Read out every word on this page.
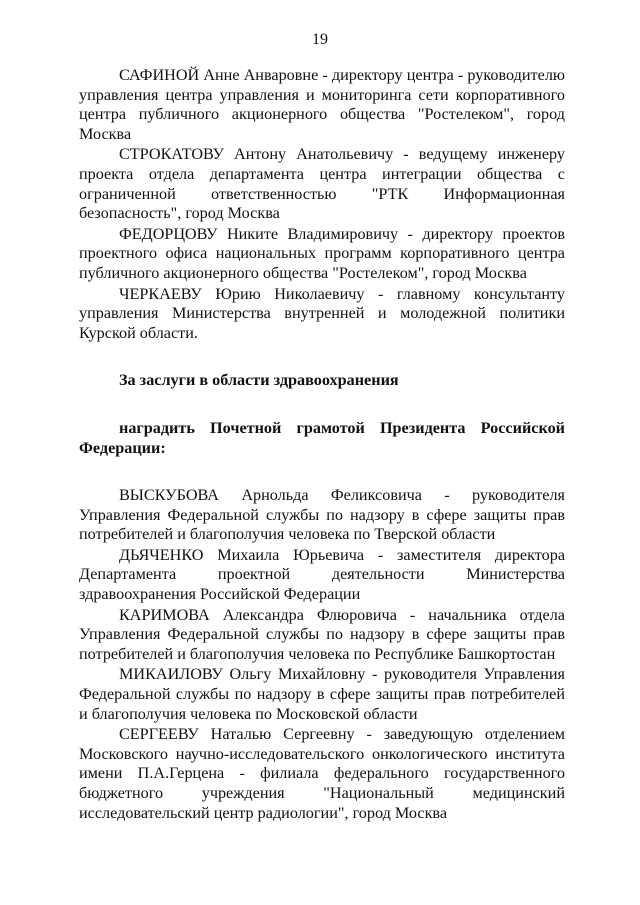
19

САФИНОЙ Анне Анваровне - директору центра - руководителю управления центра управления и мониторинга сети корпоративного центра публичного акционерного общества "Ростелеком", город Москва

СТРОКАТОВУ Антону Анатольевичу - ведущему инженеру проекта отдела департамента центра интеграции общества с ограниченной ответственностью "РТК Информационная безопасность", город Москва

ФЕДОРЦОВУ Никите Владимировичу - директору проектов проектного офиса национальных программ корпоративного центра публичного акционерного общества "Ростелеком", город Москва

ЧЕРКАЕВУ Юрию Николаевичу - главному консультанту управления Министерства внутренней и молодежной политики Курской области.

За заслуги в области здравоохранения

наградить Почетной грамотой Президента Российской Федерации:

ВЫСКУБОВА Арнольда Феликсовича - руководителя Управления Федеральной службы по надзору в сфере защиты прав потребителей и благополучия человека по Тверской области

ДЬЯЧЕНКО Михаила Юрьевича - заместителя директора Департамента проектной деятельности Министерства здравоохранения Российской Федерации

КАРИМОВА Александра Флюровича - начальника отдела Управления Федеральной службы по надзору в сфере защиты прав потребителей и благополучия человека по Республике Башкортостан

МИКАИЛОВУ Ольгу Михайловну - руководителя Управления Федеральной службы по надзору в сфере защиты прав потребителей и благополучия человека по Московской области

СЕРГЕЕВУ Наталью Сергеевну - заведующую отделением Московского научно-исследовательского онкологического института имени П.А.Герцена - филиала федерального государственного бюджетного учреждения "Национальный медицинский исследовательский центр радиологии", город Москва
